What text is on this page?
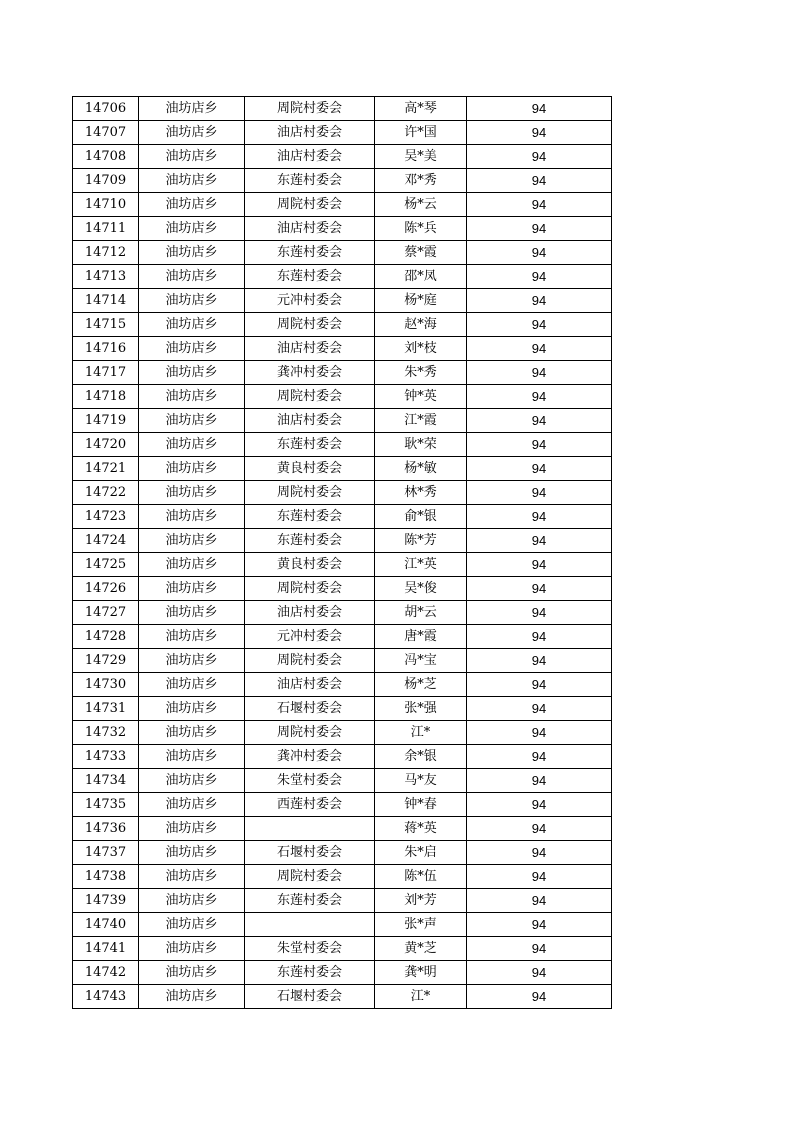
14706	油坊店乡	周院村委会	高*琴	94
14707	油坊店乡	油店村委会	许*国	94
14708	油坊店乡	油店村委会	吴*美	94
14709	油坊店乡	东莲村委会	邓*秀	94
14710	油坊店乡	周院村委会	杨*云	94
14711	油坊店乡	油店村委会	陈*兵	94
14712	油坊店乡	东莲村委会	蔡*霞	94
14713	油坊店乡	东莲村委会	邵*凤	94
14714	油坊店乡	元冲村委会	杨*庭	94
14715	油坊店乡	周院村委会	赵*海	94
14716	油坊店乡	油店村委会	刘*枝	94
14717	油坊店乡	龚冲村委会	朱*秀	94
14718	油坊店乡	周院村委会	钟*英	94
14719	油坊店乡	油店村委会	江*霞	94
14720	油坊店乡	东莲村委会	耿*荣	94
14721	油坊店乡	黄良村委会	杨*敏	94
14722	油坊店乡	周院村委会	林*秀	94
14723	油坊店乡	东莲村委会	俞*银	94
14724	油坊店乡	东莲村委会	陈*芳	94
14725	油坊店乡	黄良村委会	江*英	94
14726	油坊店乡	周院村委会	吴*俊	94
14727	油坊店乡	油店村委会	胡*云	94
14728	油坊店乡	元冲村委会	唐*霞	94
14729	油坊店乡	周院村委会	冯*宝	94
14730	油坊店乡	油店村委会	杨*芝	94
14731	油坊店乡	石堰村委会	张*强	94
14732	油坊店乡	周院村委会	江*	94
14733	油坊店乡	龚冲村委会	余*银	94
14734	油坊店乡	朱堂村委会	马*友	94
14735	油坊店乡	西莲村委会	钟*春	94
14736	油坊店乡		蒋*英	94
14737	油坊店乡	石堰村委会	朱*启	94
14738	油坊店乡	周院村委会	陈*伍	94
14739	油坊店乡	东莲村委会	刘*芳	94
14740	油坊店乡		张*声	94
14741	油坊店乡	朱堂村委会	黄*芝	94
14742	油坊店乡	东莲村委会	龚*明	94
14743	油坊店乡	石堰村委会	江*	94
